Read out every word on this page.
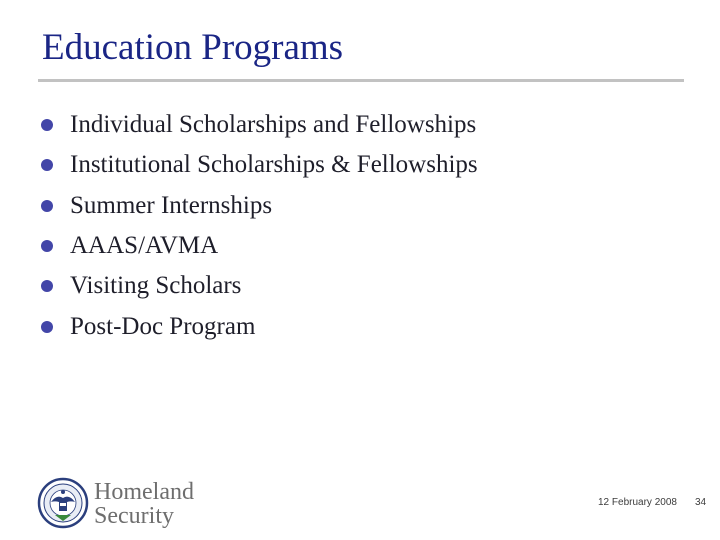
Education Programs
Individual Scholarships and Fellowships
Institutional Scholarships & Fellowships
Summer Internships
AAAS/AVMA
Visiting Scholars
Post-Doc Program
Homeland
Security
12 February 2008 34
